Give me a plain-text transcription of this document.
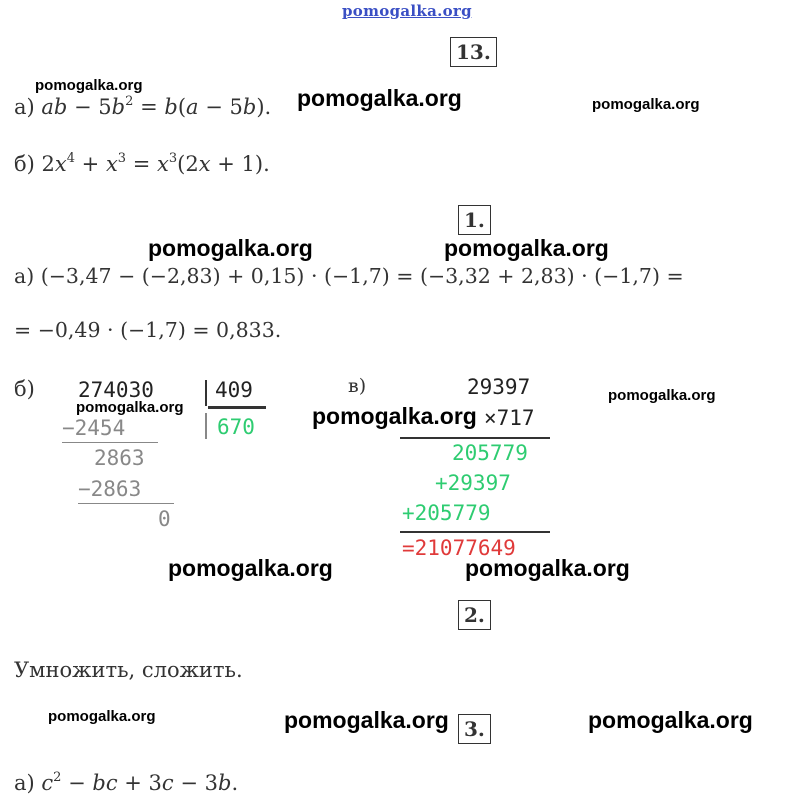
pomogalka.org
13.
pomogalka.org
а) ab − $5b^2 = b(a - 5b)$. pomogalka.org	pomogalka.org
б) $2x^4 + x^3 = x^3(2x + 1)$.
1.
pomogalka.org	pomogalka.org
а) (−3,47 − (−2,83) + 0,15) · (−1,7) = (−3,32 + 2,83) · (−1,7) =
= −0,49 · (−1,7) = 0,833.
б) 274030	409
pomogalka.org
670
−2454
2863
−2863
0
в)	29397
pomogalka.org ×717
pomogalka.org
205779
+29397
+205779
=21077649
pomogalka.org	pomogalka.org
2.
Умножить, сложить.
pomogalka.org	pomogalka.org 3.	pomogalka.org
а) $c^2$ − bc + 3c − 3b.
